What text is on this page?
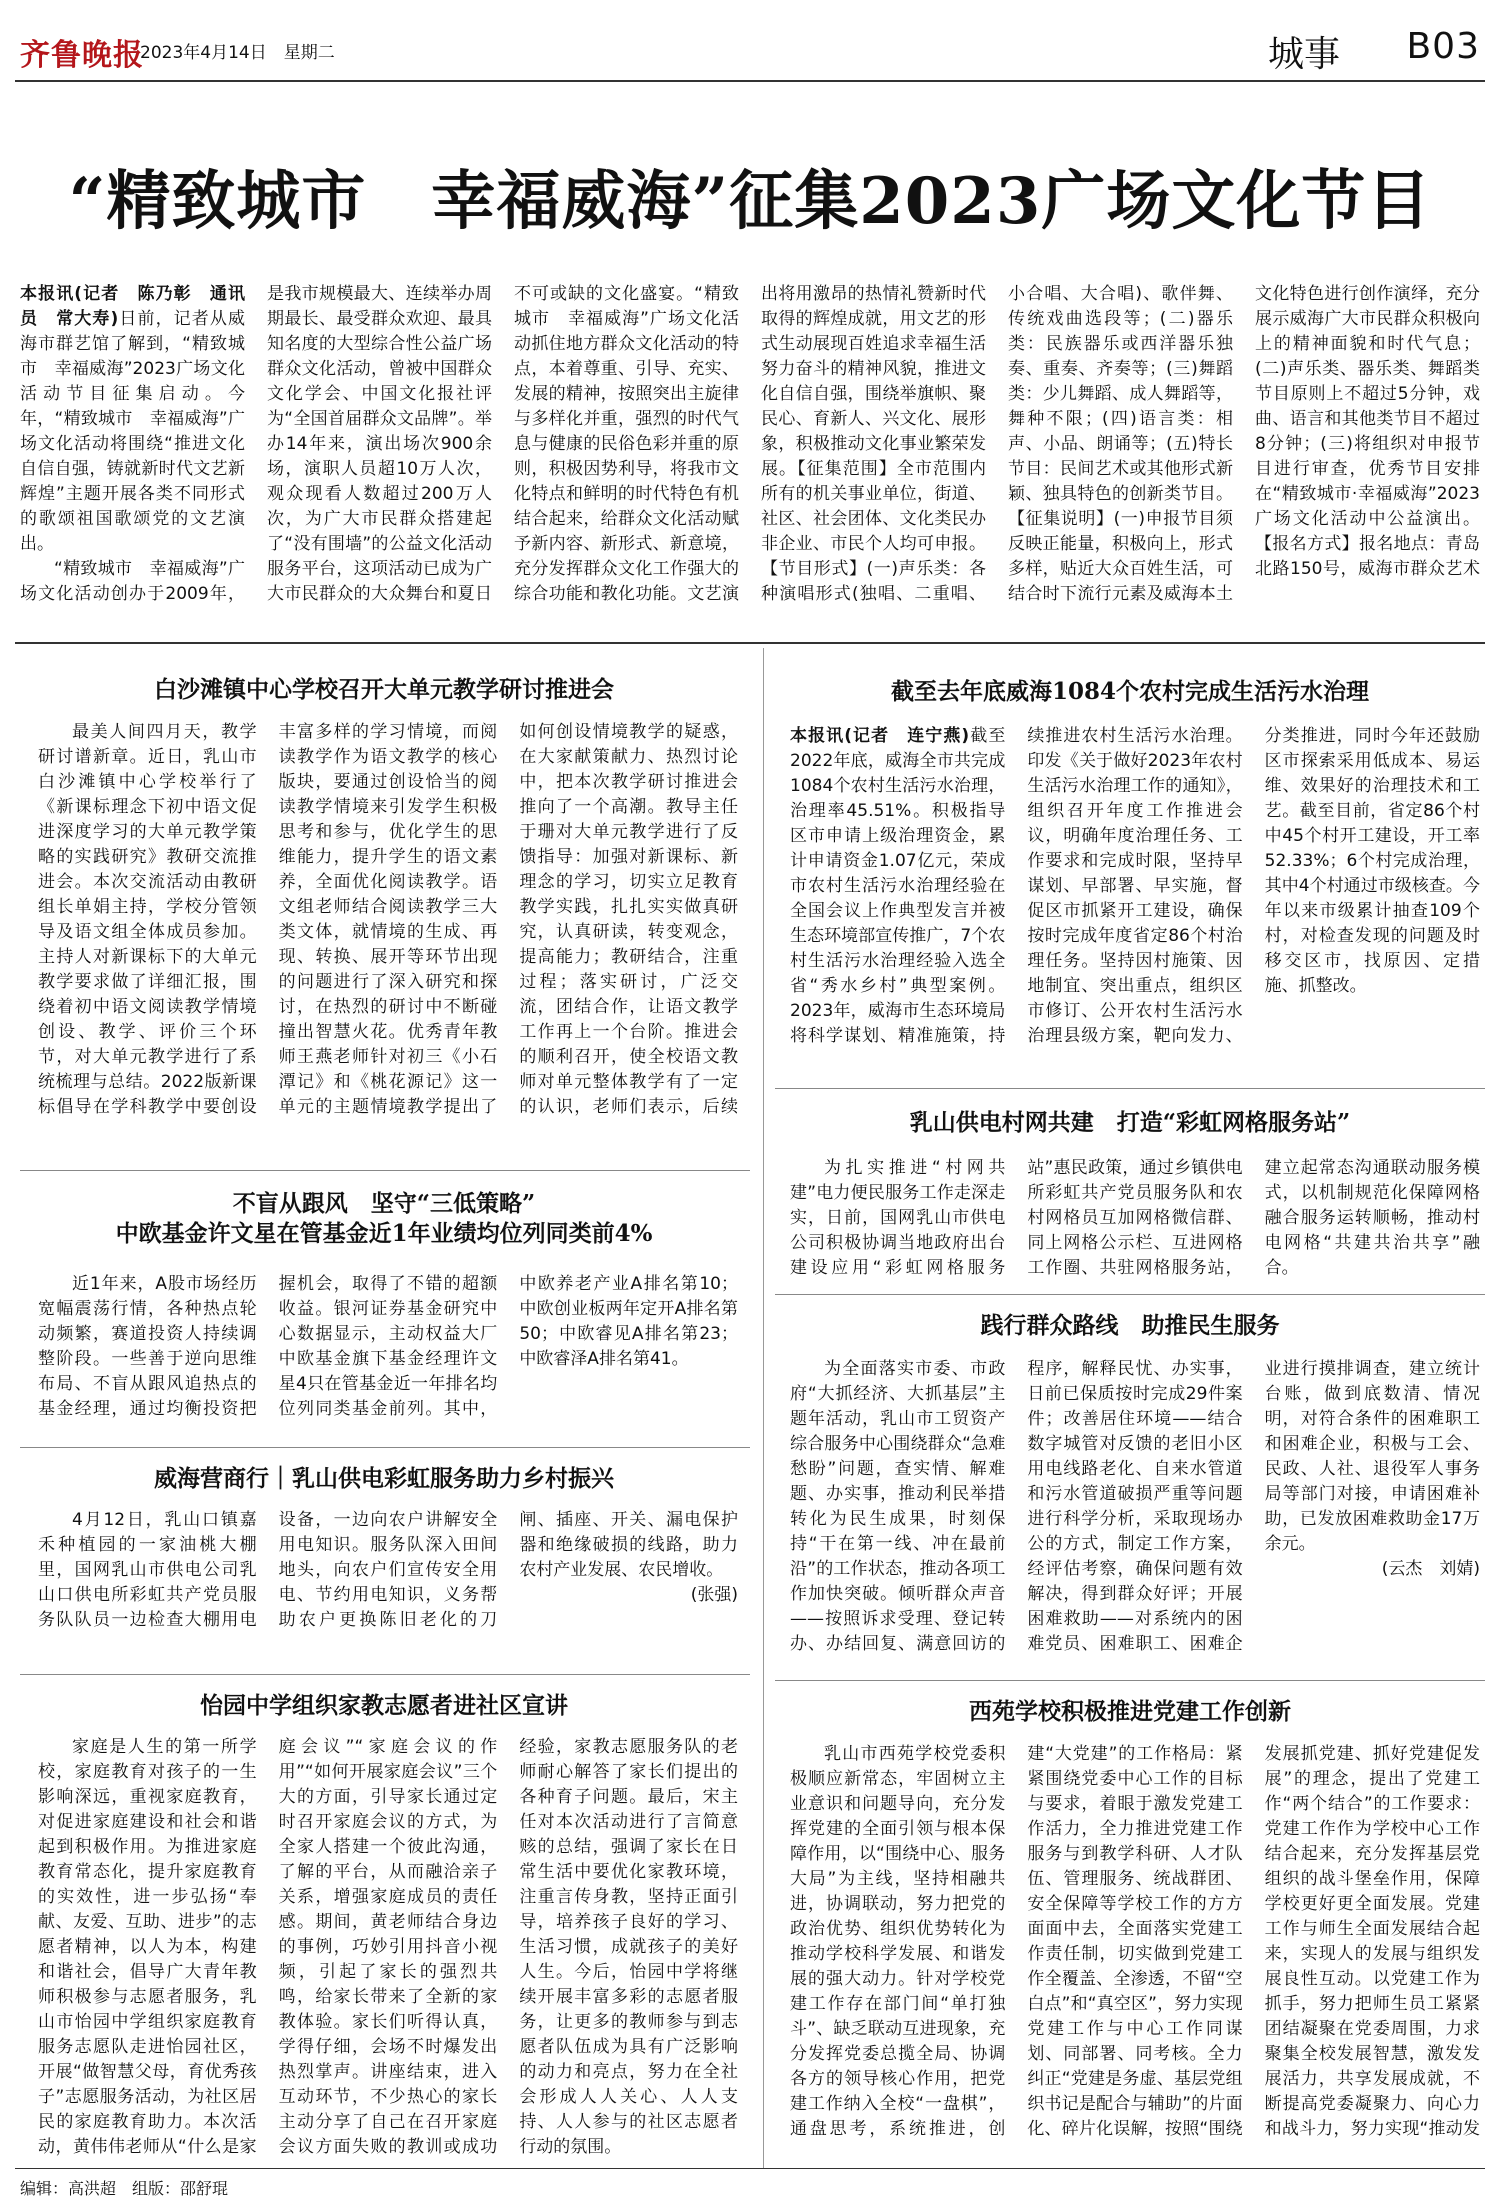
齐鲁晚报
2023年4月14日　星期二	城事 B03
“精致城市　幸福威海”征集2023广场文化节目

本报讯(记者　陈乃彰　通讯员　常大寿)日前，记者从威海市群艺馆了解到，“精致城市　幸福威海”2023广场文化活动节目征集启动。今年，“精致城市　幸福威海”广场文化活动将围绕“推进文化自信自强，铸就新时代文艺新辉煌”主题开展各类不同形式的歌颂祖国歌颂党的文艺演出。

“精致城市　幸福威海”广场文化活动创办于2009年，是我市规模最大、连续举办周期最长、最受群众欢迎、最具知名度的大型综合性公益广场群众文化活动，曾被中国群众文化学会、中国文化报社评为“全国首届群众文品牌”。举办14年来，演出场次900余场，演职人员超10万人次，观众现看人数超过200万人次，为广大市民群众搭建起了“没有围墙”的公益文化活动服务平台，这项活动已成为广大市民群众的大众舞台和夏日不可或缺的文化盛宴。“精致城市　幸福威海”广场文化活动抓住地方群众文化活动的特点，本着尊重、引导、充实、发展的精神，按照突出主旋律与多样化并重，强烈的时代气息与健康的民俗色彩并重的原则，积极因势利导，将我市文化特点和鲜明的时代特色有机结合起来，给群众文化活动赋予新内容、新形式、新意境，充分发挥群众文化工作强大的综合功能和教化功能。文艺演出将用激昂的热情礼赞新时代取得的辉煌成就，用文艺的形式生动展现百姓追求幸福生活努力奋斗的精神风貌，推进文化自信自强，围绕举旗帜、聚民心、育新人、兴文化、展形象，积极推动文化事业繁荣发展。【征集范围】全市范围内所有的机关事业单位，街道、社区、社会团体、文化类民办非企业、市民个人均可申报。【节目形式】(一)声乐类：各种演唱形式(独唱、二重唱、小合唱、大合唱)、歌伴舞、传统戏曲选段等；(二)器乐类：民族器乐或西洋器乐独奏、重奏、齐奏等；(三)舞蹈类：少儿舞蹈、成人舞蹈等，舞种不限；(四)语言类：相声、小品、朗诵等；(五)特长节目：民间艺术或其他形式新颖、独具特色的创新类节目。【征集说明】(一)申报节目须反映正能量，积极向上，形式多样，贴近大众百姓生活，可结合时下流行元素及威海本土文化特色进行创作演绎，充分展示威海广大市民群众积极向上的精神面貌和时代气息；(二)声乐类、器乐类、舞蹈类节目原则上不超过5分钟，戏曲、语言和其他类节目不超过8分钟；(三)将组织对申报节目进行审查，优秀节目安排在“精致城市·幸福威海”2023广场文化活动中公益演出。【报名方式】报名地点：青岛北路150号，威海市群众艺术

白沙滩镇中心学校召开大单元教学研讨推进会

最美人间四月天，教学研讨谱新章。近日，乳山市白沙滩镇中心学校举行了《新课标理念下初中语文促进深度学习的大单元教学策略的实践研究》教研交流推进会。本次交流活动由教研组长单娟主持，学校分管领导及语文组全体成员参加。主持人对新课标下的大单元教学要求做了详细汇报，围绕着初中语文阅读教学情境创设、教学、评价三个环节，对大单元教学进行了系统梳理与总结。2022版新课标倡导在学科教学中要创设丰富多样的学习情境，而阅读教学作为语文教学的核心版块，要通过创设恰当的阅读教学情境来引发学生积极思考和参与，优化学生的思维能力，提升学生的语文素养，全面优化阅读教学。语文组老师结合阅读教学三大类文体，就情境的生成、再现、转换、展开等环节出现的问题进行了深入研究和探讨，在热烈的研讨中不断碰撞出智慧火花。优秀青年教师王燕老师针对初三《小石潭记》和《桃花源记》这一单元的主题情境教学提出了如何创设情境教学的疑惑，在大家献策献力、热烈讨论中，把本次教学研讨推进会推向了一个高潮。教导主任于珊对大单元教学进行了反馈指导：加强对新课标、新理念的学习，切实立足教育教学实践，扎扎实实做真研究，认真研读，转变观念，提高能力；教研结合，注重过程；落实研讨，广泛交流，团结合作，让语文教学工作再上一个台阶。推进会的顺利召开，使全校语文教师对单元整体教学有了一定的认识，老师们表示，后续

不盲从跟风　坚守“三低策略”
中欧基金许文星在管基金近1年业绩均位列同类前4%

近1年来，A股市场经历宽幅震荡行情，各种热点轮动频繁，赛道投资人持续调整阶段。一些善于逆向思维布局、不盲从跟风追热点的基金经理，通过均衡投资把握机会，取得了不错的超额收益。银河证券基金研究中心数据显示，主动权益大厂中欧基金旗下基金经理许文星4只在管基金近一年排名均位列同类基金前列。其中，中欧养老产业A排名第10；中欧创业板两年定开A排名第50；中欧睿见A排名第23；中欧睿泽A排名第41。

威海营商行｜乳山供电彩虹服务助力乡村振兴

4月12日，乳山口镇嘉禾种植园的一家油桃大棚里，国网乳山市供电公司乳山口供电所彩虹共产党员服务队队员一边检查大棚用电设备，一边向农户讲解安全用电知识。服务队深入田间地头，向农户们宣传安全用电、节约用电知识，义务帮助农户更换陈旧老化的刀闸、插座、开关、漏电保护器和绝缘破损的线路，助力农村产业发展、农民增收。

(张强)

怡园中学组织家教志愿者进社区宣讲

家庭是人生的第一所学校，家庭教育对孩子的一生影响深远，重视家庭教育，对促进家庭建设和社会和谐起到积极作用。为推进家庭教育常态化，提升家庭教育的实效性，进一步弘扬“奉献、友爱、互助、进步”的志愿者精神，以人为本，构建和谐社会，倡导广大青年教师积极参与志愿者服务，乳山市怡园中学组织家庭教育服务志愿队走进怡园社区，开展“做智慧父母，育优秀孩子”志愿服务活动，为社区居民的家庭教育助力。本次活动，黄伟伟老师从“什么是家庭会议”“家庭会议的作用”“如何开展家庭会议”三个大的方面，引导家长通过定时召开家庭会议的方式，为全家人搭建一个彼此沟通，了解的平台，从而融洽亲子关系，增强家庭成员的责任感。期间，黄老师结合身边的事例，巧妙引用抖音小视频，引起了家长的强烈共鸣，给家长带来了全新的家教体验。家长们听得认真，学得仔细，会场不时爆发出热烈掌声。讲座结束，进入互动环节，不少热心的家长主动分享了自己在召开家庭会议方面失败的教训或成功经验，家教志愿服务队的老师耐心解答了家长们提出的各种育子问题。最后，宋主任对本次活动进行了言简意赅的总结，强调了家长在日常生活中要优化家教环境，注重言传身教，坚持正面引导，培养孩子良好的学习、生活习惯，成就孩子的美好人生。今后，怡园中学将继续开展丰富多彩的志愿者服务，让更多的教师参与到志愿者队伍成为具有广泛影响的动力和亮点，努力在全社会形成人人关心、人人支持、人人参与的社区志愿者行动的氛围。

截至去年底威海1084个农村完成生活污水治理

本报讯(记者　连宁燕)截至2022年底，威海全市共完成1084个农村生活污水治理，治理率45.51%。积极指导区市申请上级治理资金，累计申请资金1.07亿元，荣成市农村生活污水治理经验在全国会议上作典型发言并被生态环境部宣传推广，7个农村生活污水治理经验入选全省“秀水乡村”典型案例。2023年，威海市生态环境局将科学谋划、精准施策，持续推进农村生活污水治理。印发《关于做好2023年农村生活污水治理工作的通知》，组织召开年度工作推进会议，明确年度治理任务、工作要求和完成时限，坚持早谋划、早部署、早实施，督促区市抓紧开工建设，确保按时完成年度省定86个村治理任务。坚持因村施策、因地制宜、突出重点，组织区市修订、公开农村生活污水治理县级方案，靶向发力、分类推进，同时今年还鼓励区市探索采用低成本、易运维、效果好的治理技术和工艺。截至目前，省定86个村中45个村开工建设，开工率52.33%；6个村完成治理，其中4个村通过市级核查。今年以来市级累计抽查109个村，对检查发现的问题及时移交区市，找原因、定措施、抓整改。

乳山供电村网共建　打造“彩虹网格服务站”

为扎实推进“村网共建”电力便民服务工作走深走实，日前，国网乳山市供电公司积极协调当地政府出台建设应用“彩虹网格服务站”惠民政策，通过乡镇供电所彩虹共产党员服务队和农村网格员互加网格微信群、同上网格公示栏、互进网格工作圈、共驻网格服务站，建立起常态沟通联动服务模式，以机制规范化保障网格融合服务运转顺畅，推动村电网格“共建共治共享”融合。

践行群众路线　助推民生服务

为全面落实市委、市政府“大抓经济、大抓基层”主题年活动，乳山市工贸资产综合服务中心围绕群众“急难愁盼”问题，查实情、解难题、办实事，推动利民举措转化为民生成果，时刻保持“干在第一线、冲在最前沿”的工作状态，推动各项工作加快突破。倾听群众声音——按照诉求受理、登记转办、办结回复、满意回访的程序，解释民忧、办实事，日前已保质按时完成29件案件；改善居住环境——结合数字城管对反馈的老旧小区用电线路老化、自来水管道和污水管道破损严重等问题进行科学分析，采取现场办公的方式，制定工作方案，经评估考察，确保问题有效解决，得到群众好评；开展困难救助——对系统内的困难党员、困难职工、困难企业进行摸排调查，建立统计台账，做到底数清、情况明，对符合条件的困难职工和困难企业，积极与工会、民政、人社、退役军人事务局等部门对接，申请困难补助，已发放困难救助金17万余元。

(云杰　刘婧)

西苑学校积极推进党建工作创新

乳山市西苑学校党委积极顺应新常态，牢固树立主业意识和问题导向，充分发挥党建的全面引领与根本保障作用，以“围绕中心、服务大局”为主线，坚持相融共进，协调联动，努力把党的政治优势、组织优势转化为推动学校科学发展、和谐发展的强大动力。针对学校党建工作存在部门间“单打独斗”、缺乏联动互进现象，充分发挥党委总揽全局、协调各方的领导核心作用，把党建工作纳入全校“一盘棋”，通盘思考，系统推进，创建“大党建”的工作格局：紧紧围绕党委中心工作的目标与要求，着眼于激发党建工作活力，全力推进党建工作服务与到教学科研、人才队伍、管理服务、统战群团、安全保障等学校工作的方方面面中去，全面落实党建工作责任制，切实做到党建工作全覆盖、全渗透，不留“空白点”和“真空区”，努力实现党建工作与中心工作同谋划、同部署、同考核。全力纠正“党建是务虚、基层党组织书记是配合与辅助”的片面化、碎片化误解，按照“围绕发展抓党建、抓好党建促发展”的理念，提出了党建工作“两个结合”的工作要求：党建工作作为学校中心工作结合起来，充分发挥基层党组织的战斗堡垒作用，保障学校更好更全面发展。党建工作与师生全面发展结合起来，实现人的发展与组织发展良性互动。以党建工作为抓手，努力把师生员工紧紧团结凝聚在党委周围，力求聚集全校发展智慧，激发发展活力，共享发展成就，不断提高党委凝聚力、向心力和战斗力，努力实现“推动发

编辑：高洪超　组版：邵舒琨
